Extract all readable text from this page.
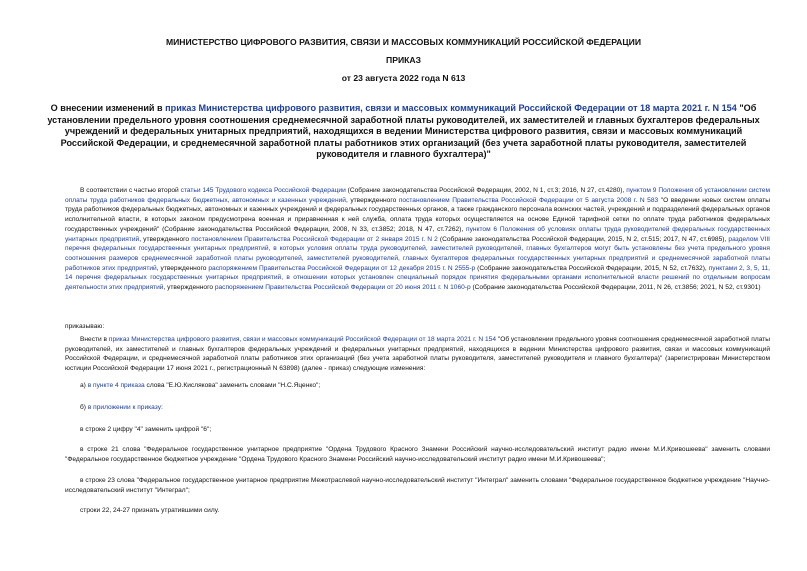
МИНИСТЕРСТВО ЦИФРОВОГО РАЗВИТИЯ, СВЯЗИ И МАССОВЫХ КОММУНИКАЦИЙ РОССИЙСКОЙ ФЕДЕРАЦИИ
ПРИКАЗ
от 23 августа 2022 года N 613
О внесении изменений в приказ Министерства цифрового развития, связи и массовых коммуникаций Российской Федерации от 18 марта 2021 г. N 154 "Об установлении предельного уровня соотношения среднемесячной заработной платы руководителей, их заместителей и главных бухгалтеров федеральных учреждений и федеральных унитарных предприятий, находящихся в ведении Министерства цифрового развития, связи и массовых коммуникаций Российской Федерации, и среднемесячной заработной платы работников этих организаций (без учета заработной платы руководителя, заместителей руководителя и главного бухгалтера)"

В соответствии с частью второй статьи 145 Трудового кодекса Российской Федерации (Собрание законодательства Российской Федерации, 2002, N 1, ст.3; 2016, N 27, ст.4280), пунктом 9 Положения об установлении систем оплаты труда работников федеральных бюджетных, автономных и казенных учреждений, утвержденного постановлением Правительства Российской Федерации от 5 августа 2008 г. N 583 "О введении новых систем оплаты труда работников федеральных бюджетных, автономных и казенных учреждений и федеральных государственных органов, а также гражданского персонала воинских частей, учреждений и подразделений федеральных органов исполнительной власти, в которых законом предусмотрена военная и приравненная к ней служба, оплата труда которых осуществляется на основе Единой тарифной сетки по оплате труда работников федеральных государственных учреждений" (Собрание законодательства Российской Федерации, 2008, N 33, ст.3852; 2018, N 47, ст.7262), пунктом 6 Положения об условиях оплаты труда руководителей федеральных государственных унитарных предприятий, утвержденного постановлением Правительства Российской Федерации от 2 января 2015 г. N 2 (Собрание законодательства Российской Федерации, 2015, N 2, ст.515; 2017, N 47, ст.6985), разделом VIII перечня федеральных государственных унитарных предприятий, в которых условия оплаты труда руководителей, заместителей руководителей, главных бухгалтеров могут быть установлены без учета предельного уровня соотношения размеров среднемесячной заработной платы руководителей, заместителей руководителей, главных бухгалтеров федеральных государственных унитарных предприятий и среднемесячной заработной платы работников этих предприятий, утвержденного распоряжением Правительства Российской Федерации от 12 декабря 2015 г. N 2555-р (Собрание законодательства Российской Федерации, 2015, N 52, ст.7632), пунктами 2, 3, 5, 11, 14 перечня федеральных государственных унитарных предприятий, в отношении которых установлен специальный порядок принятия федеральными органами исполнительной власти решений по отдельным вопросам деятельности этих предприятий, утвержденного распоряжением Правительства Российской Федерации от 20 июня 2011 г. N 1060-р (Собрание законодательства Российской Федерации, 2011, N 26, ст.3856; 2021, N 52, ст.9301)

приказываю:

Внести в приказ Министерства цифрового развития, связи и массовых коммуникаций Российской Федерации от 18 марта 2021 г. N 154 "Об установлении предельного уровня соотношения среднемесячной заработной платы руководителей, их заместителей и главных бухгалтеров федеральных учреждений и федеральных унитарных предприятий, находящихся в ведении Министерства цифрового развития, связи и массовых коммуникаций Российской Федерации, и среднемесячной заработной платы работников этих организаций (без учета заработной платы руководителя, заместителей руководителя и главного бухгалтера)" (зарегистрирован Министерством юстиции Российской Федерации 17 июня 2021 г., регистрационный N 63898) (далее - приказ) следующие изменения:

а) в пункте 4 приказа слова "Е.Ю.Кислякова" заменить словами "Н.С.Яценко";
б) в приложении к приказу:
в строке 2 цифру "4" заменить цифрой "6";

в строке 21 слова "Федеральное государственное унитарное предприятие "Ордена Трудового Красного Знамени Российский научно-исследовательский институт радио имени М.И.Кривошеева" заменить словами "Федеральное государственное бюджетное учреждение "Ордена Трудового Красного Знамени Российский научно-исследовательский институт радио имени М.И.Кривошеева";

в строке 23 слова "Федеральное государственное унитарное предприятие Межотраслевой научно-исследовательский институт "Интеграл" заменить словами "Федеральное государственное бюджетное учреждение "Научно-исследовательский институт "Интеграл";

строки 22, 24-27 признать утратившими силу.
